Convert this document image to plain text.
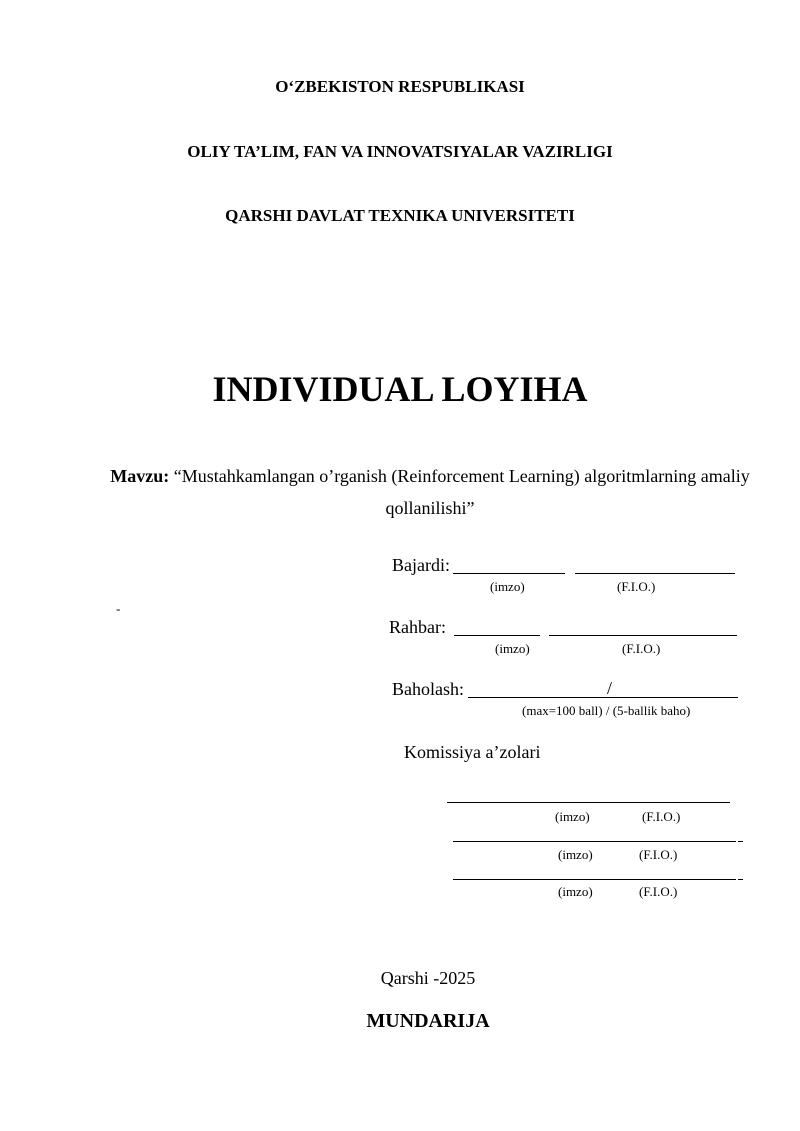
O‘ZBEKISTON RESPUBLIKASI
OLIY TA’LIM, FAN VA INNOVATSIYALAR VAZIRLIGI
QARSHI DAVLAT TEXNIKA UNIVERSITETI
INDIVIDUAL LOYIHA
Mavzu: “Mustahkamlangan o’rganish (Reinforcement Learning) algoritmlarning amaliy qollanilishi”
-
Bajardi:
(imzo)	(F.I.O.)
Rahbar:
(imzo)	(F.I.O.)
Baholash:	/
(max=100 ball) / (5-ballik baho)
Komissiya a’zolari
(imzo)	(F.I.O.)
(imzo)	(F.I.O.)
(imzo)	(F.I.O.)
Qarshi -2025
MUNDARIJA
